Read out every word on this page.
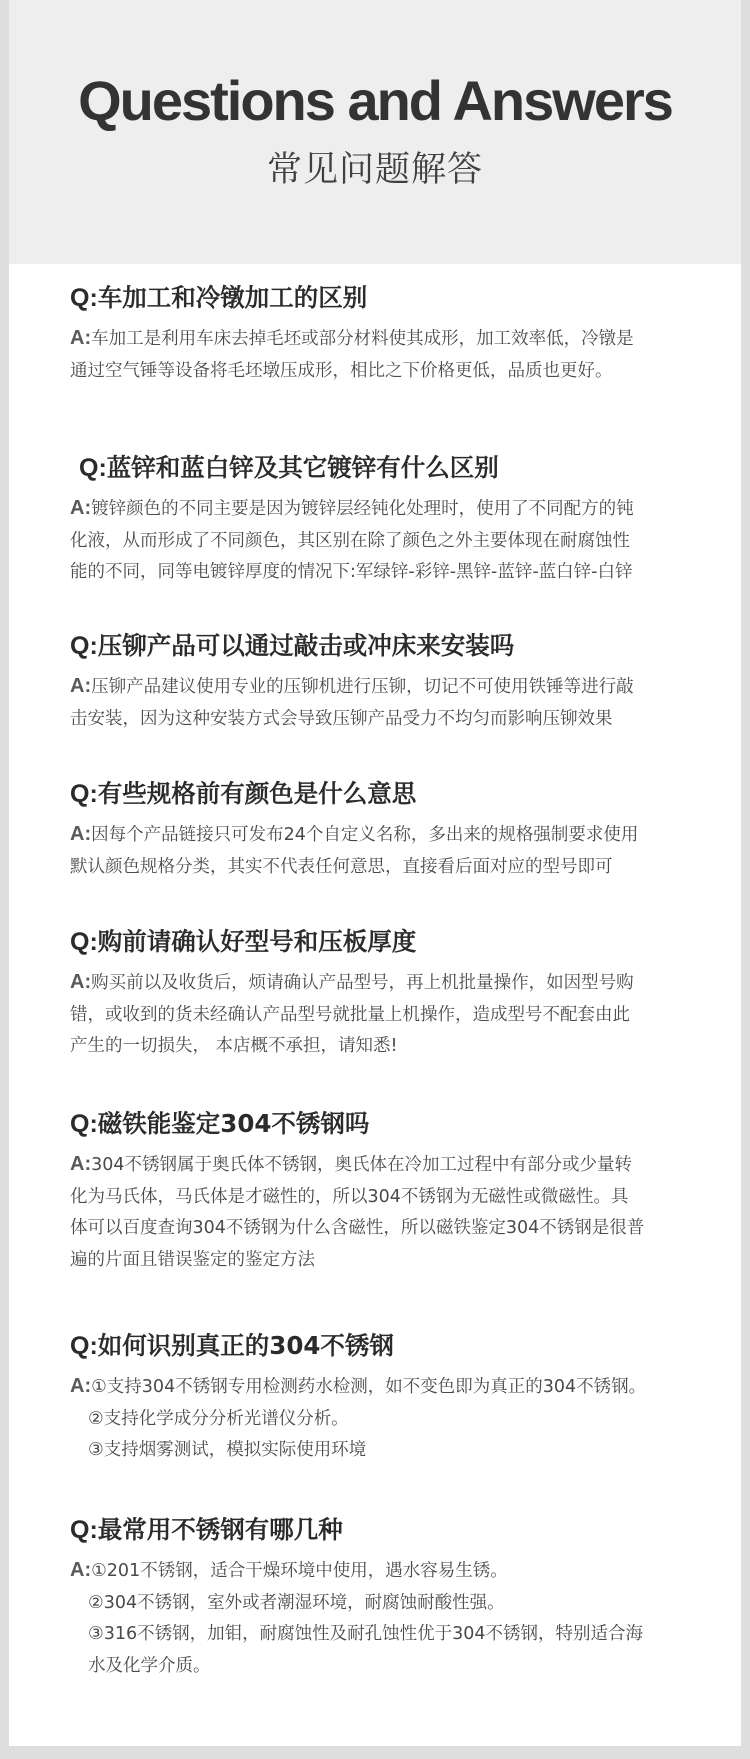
Questions and Answers
常见问题解答
Q:车加工和冷镦加工的区别
A:车加工是利用车床去掉毛坯或部分材料使其成形，加工效率低，冷镦是
通过空气锤等设备将毛坯墩压成形，相比之下价格更低，品质也更好。
Q:蓝锌和蓝白锌及其它镀锌有什么区别
A:镀锌颜色的不同主要是因为镀锌层经钝化处理时，使用了不同配方的钝
化液，从而形成了不同颜色，其区别在除了颜色之外主要体现在耐腐蚀性
能的不同，同等电镀锌厚度的情况下:军绿锌-彩锌-黑锌-蓝锌-蓝白锌-白锌
Q:压铆产品可以通过敲击或冲床来安装吗
A:压铆产品建议使用专业的压铆机进行压铆，切记不可使用铁锤等进行敲
击安装，因为这种安装方式会导致压铆产品受力不均匀而影响压铆效果
Q:有些规格前有颜色是什么意思
A:因每个产品链接只可发布24个自定义名称，多出来的规格强制要求使用
默认颜色规格分类，其实不代表任何意思，直接看后面对应的型号即可
Q:购前请确认好型号和压板厚度
A:购买前以及收货后，烦请确认产品型号，再上机批量操作，如因型号购
错，或收到的货未经确认产品型号就批量上机操作，造成型号不配套由此
产生的一切损失， 本店概不承担，请知悉!
Q:磁铁能鉴定304不锈钢吗
A:304不锈钢属于奥氏体不锈钢，奥氏体在冷加工过程中有部分或少量转
化为马氏体，马氏体是才磁性的，所以304不锈钢为无磁性或微磁性。具
体可以百度查询304不锈钢为什么含磁性，所以磁铁鉴定304不锈钢是很普
遍的片面且错误鉴定的鉴定方法
Q:如何识别真正的304不锈钢
A:①支持304不锈钢专用检测药水检测，如不变色即为真正的304不锈钢。
②支持化学成分分析光谱仪分析。
③支持烟雾测试，模拟实际使用环境
Q:最常用不锈钢有哪几种
A:①201不锈钢，适合干燥环境中使用，遇水容易生锈。
②304不锈钢，室外或者潮湿环境，耐腐蚀耐酸性强。
③316不锈钢，加钼，耐腐蚀性及耐孔蚀性优于304不锈钢，特别适合海
水及化学介质。
